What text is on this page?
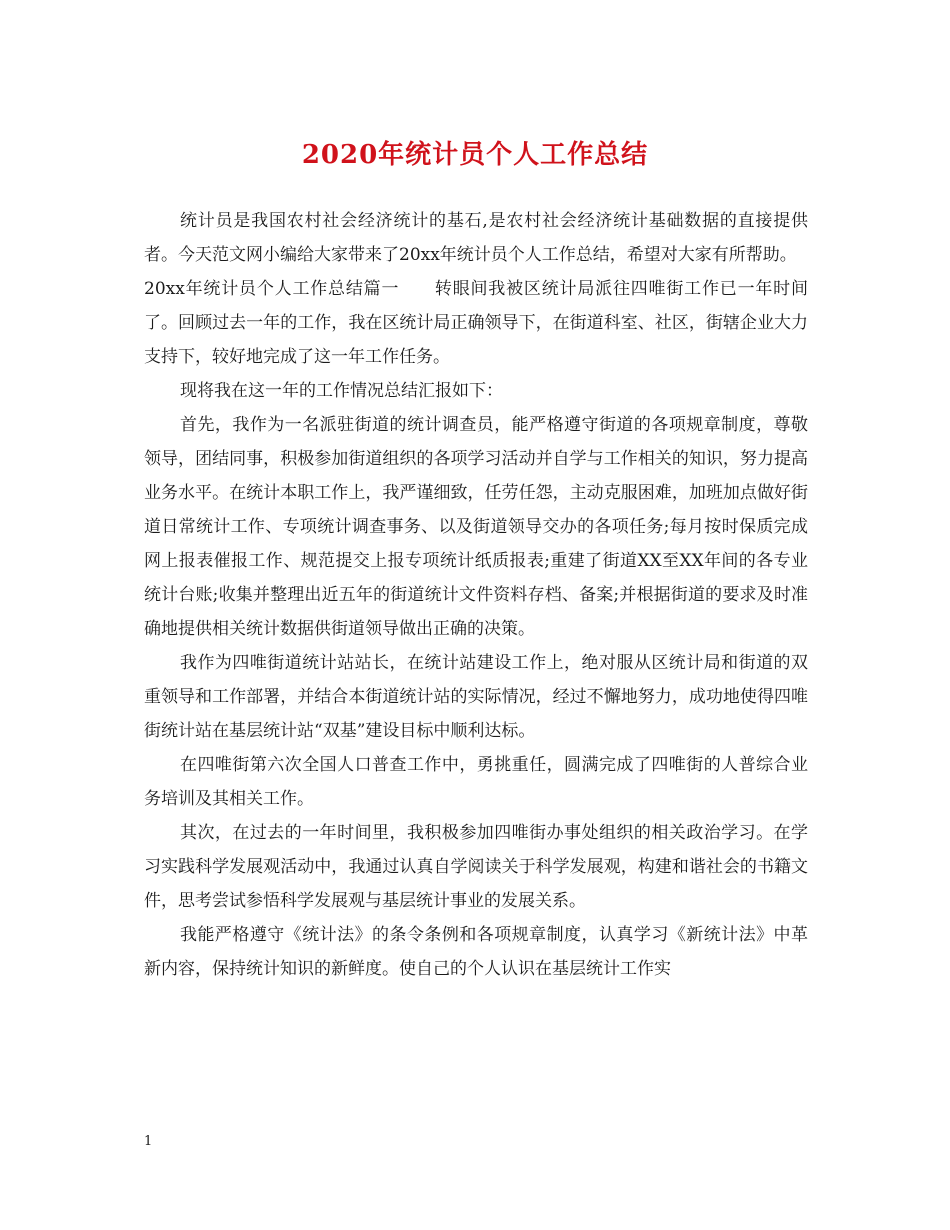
2020年统计员个人工作总结

统计员是我国农村社会经济统计的基石,是农村社会经济统计基础数据的直接提供者。今天范文网小编给大家带来了20xx年统计员个人工作总结，希望对大家有所帮助。

20xx年统计员个人工作总结篇一　　转眼间我被区统计局派往四唯街工作已一年时间了。回顾过去一年的工作，我在区统计局正确领导下，在街道科室、社区，街辖企业大力支持下，较好地完成了这一年工作任务。

现将我在这一年的工作情况总结汇报如下：

首先，我作为一名派驻街道的统计调查员，能严格遵守街道的各项规章制度，尊敬领导，团结同事，积极参加街道组织的各项学习活动并自学与工作相关的知识，努力提高业务水平。在统计本职工作上，我严谨细致，任劳任怨，主动克服困难，加班加点做好街道日常统计工作、专项统计调查事务、以及街道领导交办的各项任务;每月按时保质完成网上报表催报工作、规范提交上报专项统计纸质报表;重建了街道XX至XX年间的各专业统计台账;收集并整理出近五年的街道统计文件资料存档、备案;并根据街道的要求及时准确地提供相关统计数据供街道领导做出正确的决策。

我作为四唯街道统计站站长，在统计站建设工作上，绝对服从区统计局和街道的双重领导和工作部署，并结合本街道统计站的实际情况，经过不懈地努力，成功地使得四唯街统计站在基层统计站“双基”建设目标中顺利达标。

在四唯街第六次全国人口普查工作中，勇挑重任，圆满完成了四唯街的人普综合业务培训及其相关工作。

其次，在过去的一年时间里，我积极参加四唯街办事处组织的相关政治学习。在学习实践科学发展观活动中，我通过认真自学阅读关于科学发展观，构建和谐社会的书籍文件，思考尝试参悟科学发展观与基层统计事业的发展关系。

我能严格遵守《统计法》的条令条例和各项规章制度，认真学习《新统计法》中革新内容，保持统计知识的新鲜度。使自己的个人认识在基层统计工作实

1
